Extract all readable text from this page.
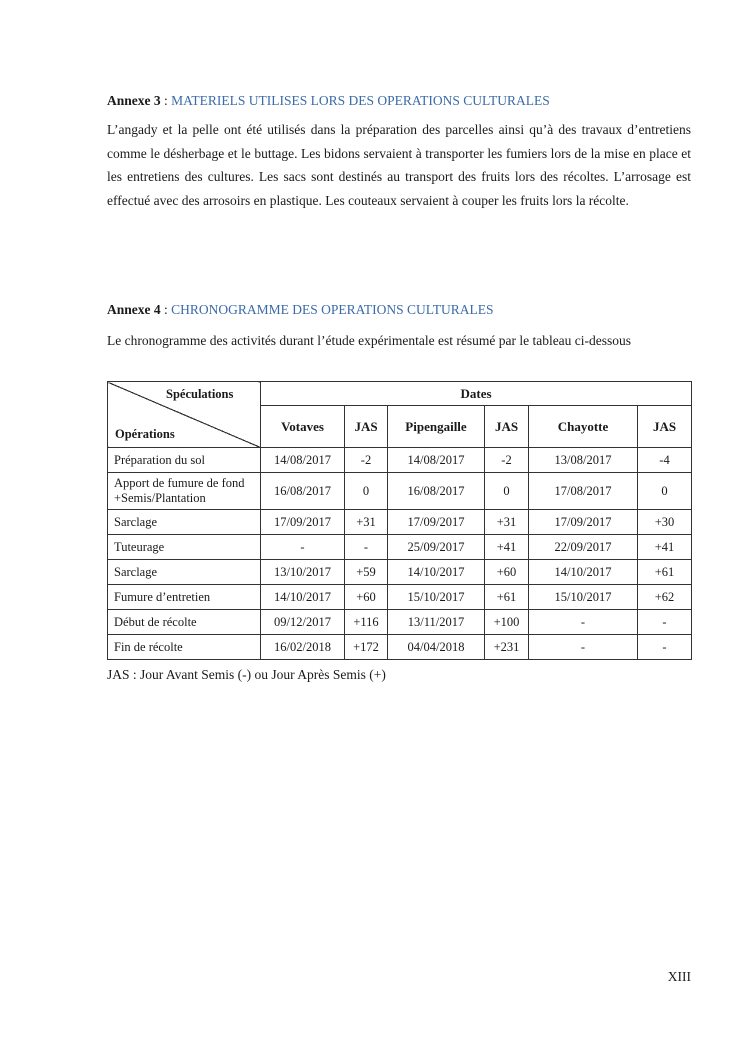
Annexe 3 : MATERIELS UTILISES LORS DES OPERATIONS CULTURALES

L’angady et la pelle ont été utilisés dans la préparation des parcelles ainsi qu’à des travaux d’entretiens comme le désherbage et le buttage. Les bidons servaient à transporter les fumiers lors de la mise en place et les entretiens des cultures. Les sacs sont destinés au transport des fruits lors des récoltes. L’arrosage est effectué avec des arrosoirs en plastique. Les couteaux servaient à couper les fruits lors la récolte.

Annexe 4 : CHRONOGRAMME DES OPERATIONS CULTURALES

Le chronogramme des activités durant l’étude expérimentale est résumé par le tableau ci-dessous

Spéculations
Opérations	Dates					
	Votaves	JAS	Pipengaille	JAS	Chayotte	JAS
Préparation du sol	14/08/2017	-2	14/08/2017	-2	13/08/2017	-4
Apport de fumure de fond +Semis/Plantation	16/08/2017	0	16/08/2017	0	17/08/2017	0
Sarclage	17/09/2017	+31	17/09/2017	+31	17/09/2017	+30
Tuteurage	-	-	25/09/2017	+41	22/09/2017	+41
Sarclage	13/10/2017	+59	14/10/2017	+60	14/10/2017	+61
Fumure d’entretien	14/10/2017	+60	15/10/2017	+61	15/10/2017	+62
Début de récolte	09/12/2017	+116	13/11/2017	+100	-	-
Fin de récolte	16/02/2018	+172	04/04/2018	+231	-	-
JAS : Jour Avant Semis (-) ou Jour Après Semis (+)
XIII
